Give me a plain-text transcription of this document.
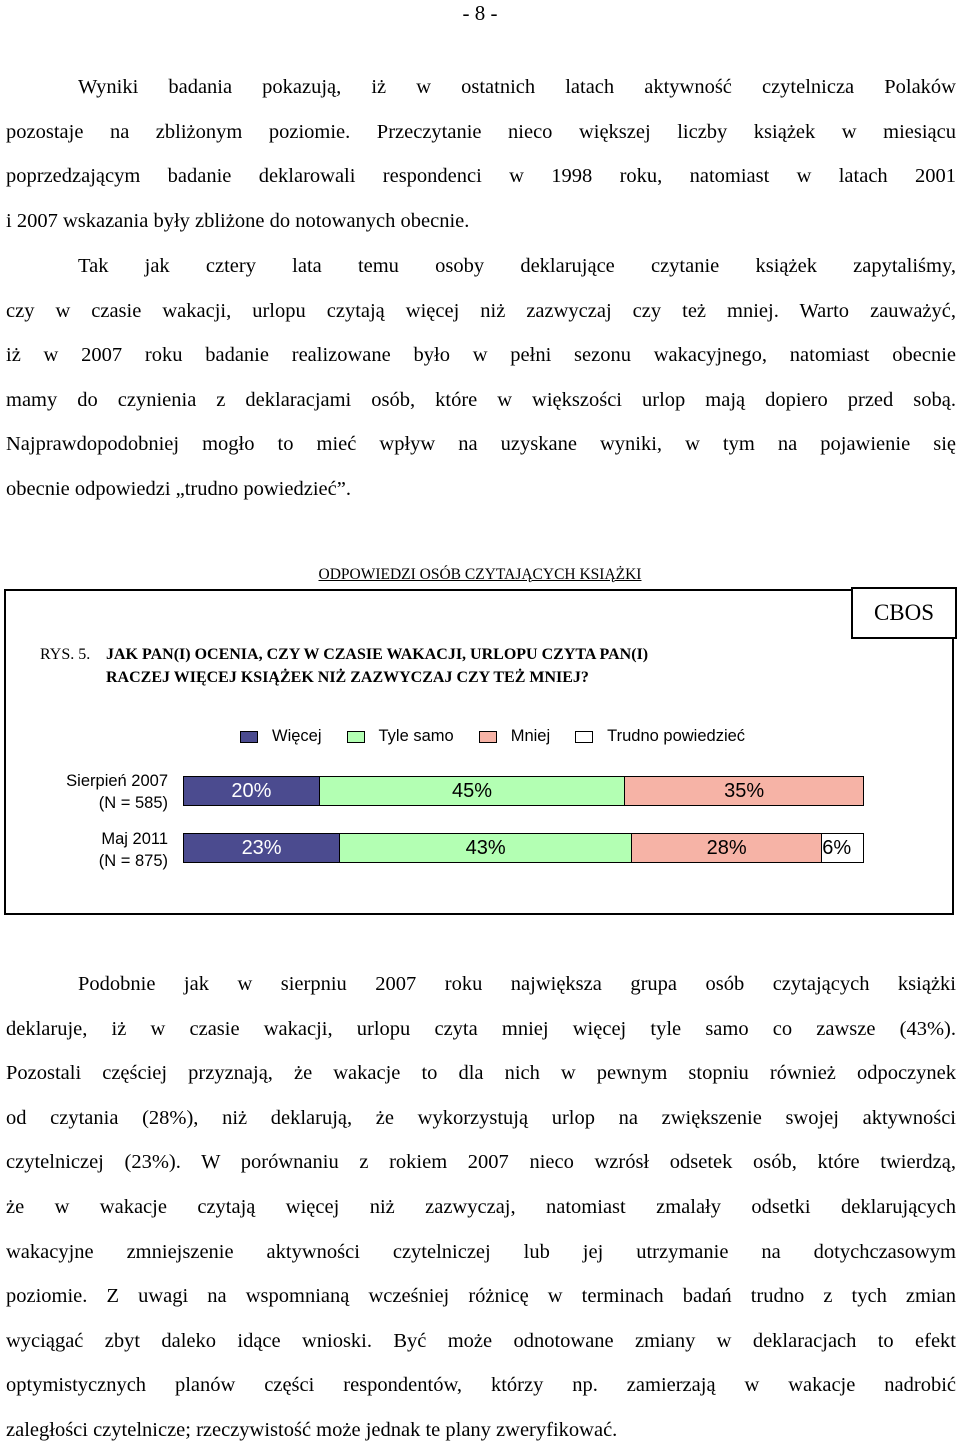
- 8 -
Wyniki badania pokazują, iż w ostatnich latach aktywność czytelnicza Polaków
pozostaje na zbliżonym poziomie. Przeczytanie nieco większej liczby książek w miesiącu
poprzedzającym badanie deklarowali respondenci w 1998 roku, natomiast w latach 2001
i 2007 wskazania były zbliżone do notowanych obecnie.
Tak jak cztery lata temu osoby deklarujące czytanie książek zapytaliśmy,
czy w czasie wakacji, urlopu czytają więcej niż zazwyczaj czy też mniej. Warto zauważyć,
iż w 2007 roku badanie realizowane było w pełni sezonu wakacyjnego, natomiast obecnie
mamy do czynienia z deklaracjami osób, które w większości urlop mają dopiero przed sobą.
Najprawdopodobniej mogło to mieć wpływ na uzyskane wyniki, w tym na pojawienie się
obecnie odpowiedzi „trudno powiedzieć”.
ODPOWIEDZI OSÓB CZYTAJĄCYCH KSIĄŻKI
CBOS
RYS. 5. JAK PAN(I) OCENIA, CZY W CZASIE WAKACJI, URLOPU CZYTA PAN(I)
RACZEJ WIĘCEJ KSIĄŻEK NIŻ ZAZWYCZAJ CZY TEŻ MNIEJ?
Więcej	Tyle samo	Mniej	Trudno powiedzieć
Sierpień 2007
(N = 585)
20%	45%	35%
Maj 2011
(N = 875)
23%	43%	28%	6%
Podobnie jak w sierpniu 2007 roku największa grupa osób czytających książki
deklaruje, iż w czasie wakacji, urlopu czyta mniej więcej tyle samo co zawsze (43%).
Pozostali częściej przyznają, że wakacje to dla nich w pewnym stopniu również odpoczynek
od czytania (28%), niż deklarują, że wykorzystują urlop na zwiększenie swojej aktywności
czytelniczej (23%). W porównaniu z rokiem 2007 nieco wzrósł odsetek osób, które twierdzą,
że w wakacje czytają więcej niż zazwyczaj, natomiast zmalały odsetki deklarujących
wakacyjne zmniejszenie aktywności czytelniczej lub jej utrzymanie na dotychczasowym
poziomie. Z uwagi na wspomnianą wcześniej różnicę w terminach badań trudno z tych zmian
wyciągać zbyt daleko idące wnioski. Być może odnotowane zmiany w deklaracjach to efekt
optymistycznych planów części respondentów, którzy np. zamierzają w wakacje nadrobić
zaległości czytelnicze; rzeczywistość może jednak te plany zweryfikować.
